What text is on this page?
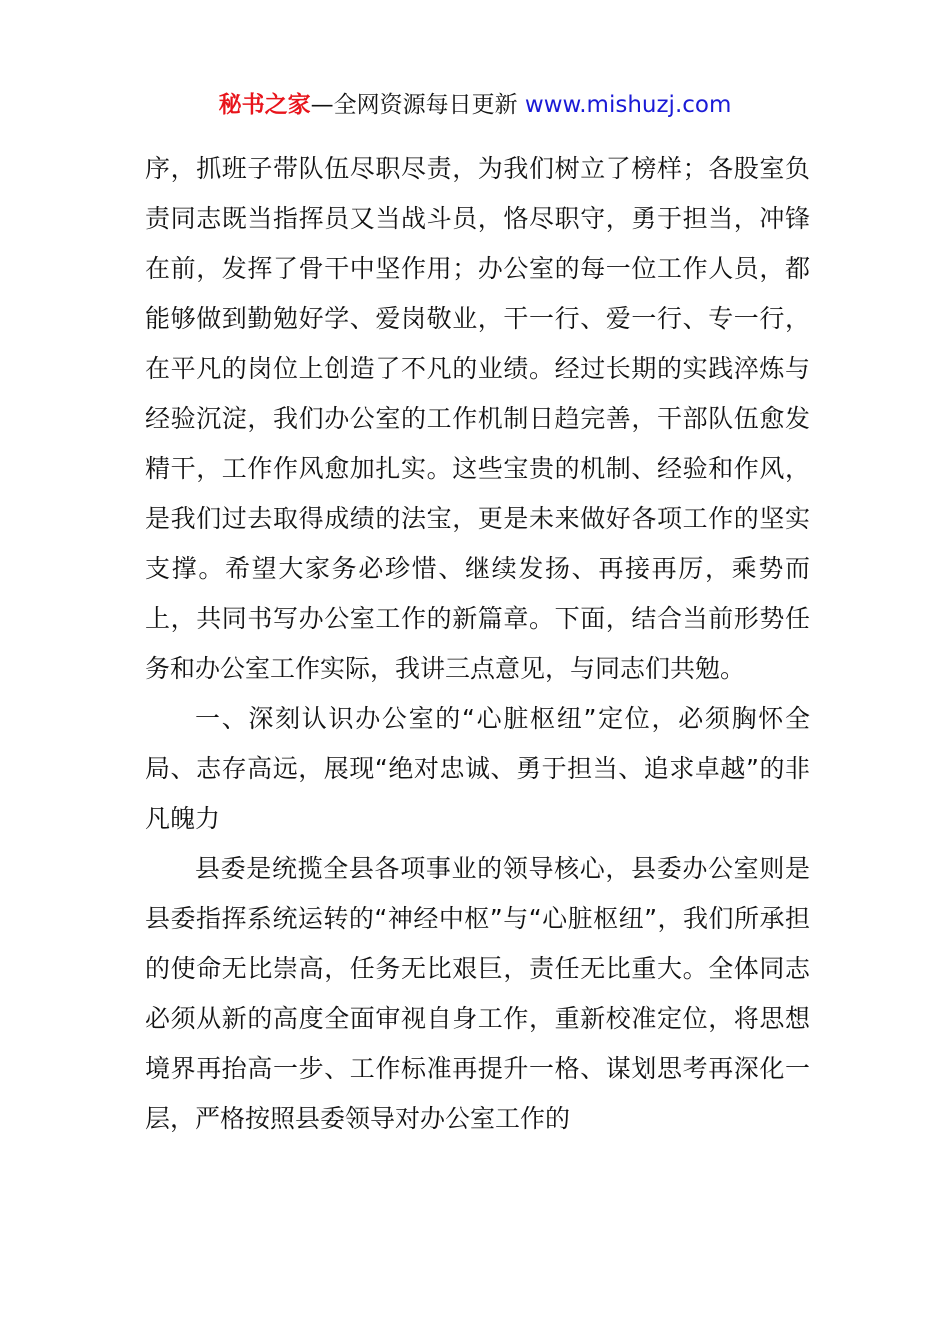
秘书之家—全网资源每日更新 www.mishuzj.com

序，抓班子带队伍尽职尽责，为我们树立了榜样；各股室负责同志既当指挥员又当战斗员，恪尽职守，勇于担当，冲锋在前，发挥了骨干中坚作用；办公室的每一位工作人员，都能够做到勤勉好学、爱岗敬业，干一行、爱一行、专一行，在平凡的岗位上创造了不凡的业绩。经过长期的实践淬炼与经验沉淀，我们办公室的工作机制日趋完善，干部队伍愈发精干，工作作风愈加扎实。这些宝贵的机制、经验和作风，是我们过去取得成绩的法宝，更是未来做好各项工作的坚实支撑。希望大家务必珍惜、继续发扬、再接再厉，乘势而上，共同书写办公室工作的新篇章。下面，结合当前形势任务和办公室工作实际，我讲三点意见，与同志们共勉。

一、深刻认识办公室的“心脏枢纽”定位，必须胸怀全局、志存高远，展现“绝对忠诚、勇于担当、追求卓越”的非凡魄力

县委是统揽全县各项事业的领导核心，县委办公室则是县委指挥系统运转的“神经中枢”与“心脏枢纽”，我们所承担的使命无比崇高，任务无比艰巨，责任无比重大。全体同志必须从新的高度全面审视自身工作，重新校准定位，将思想境界再抬高一步、工作标准再提升一格、谋划思考再深化一层，严格按照县委领导对办公室工作的
